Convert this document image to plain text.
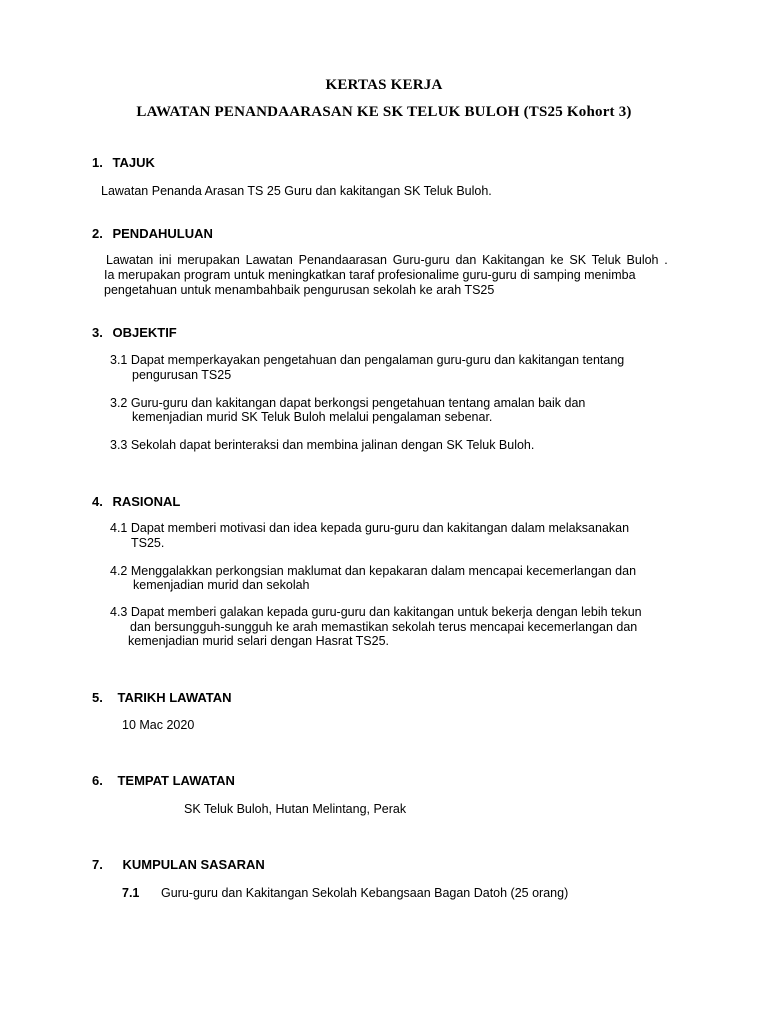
KERTAS KERJA
LAWATAN PENANDAARASAN KE SK TELUK BULOH (TS25 Kohort 3)
1. TAJUK
Lawatan Penanda Arasan TS 25 Guru dan kakitangan SK Teluk Buloh.
2. PENDAHULUAN
Lawatan ini merupakan Lawatan Penandaarasan Guru-guru dan Kakitangan ke SK Teluk Buloh .
Ia merupakan program untuk meningkatkan taraf profesionalime guru-guru di samping menimba
pengetahuan untuk menambahbaik pengurusan sekolah ke arah TS25
3. OBJEKTIF
3.1 Dapat memperkayakan pengetahuan dan pengalaman guru-guru dan kakitangan tentang
pengurusan TS25
3.2 Guru-guru dan kakitangan dapat berkongsi pengetahuan tentang amalan baik dan
kemenjadian murid SK Teluk Buloh melalui pengalaman sebenar.
3.3 Sekolah dapat berinteraksi dan membina jalinan dengan SK Teluk Buloh.
4. RASIONAL
4.1 Dapat memberi motivasi dan idea kepada guru-guru dan kakitangan dalam melaksanakan
TS25.
4.2 Menggalakkan perkongsian maklumat dan kepakaran dalam mencapai kecemerlangan dan
kemenjadian murid dan sekolah
4.3 Dapat memberi galakan kepada guru-guru dan kakitangan untuk bekerja dengan lebih tekun
dan bersungguh-sungguh ke arah memastikan sekolah terus mencapai kecemerlangan dan
kemenjadian murid selari dengan Hasrat TS25.
5. TARIKH LAWATAN
10 Mac 2020
6. TEMPAT LAWATAN
SK Teluk Buloh, Hutan Melintang, Perak
7. KUMPULAN SASARAN
7.1 Guru-guru dan Kakitangan Sekolah Kebangsaan Bagan Datoh (25 orang)
